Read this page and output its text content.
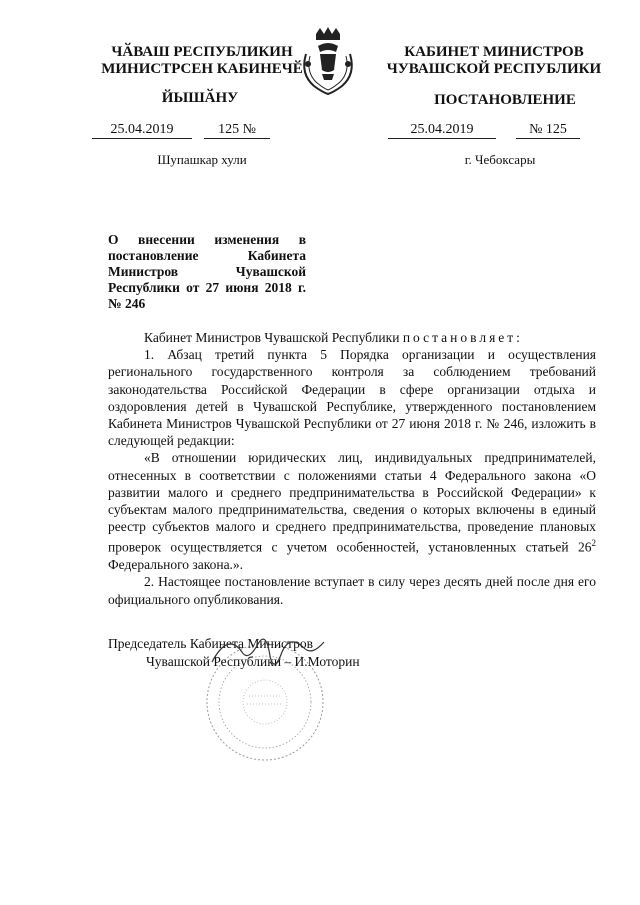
ЧӐВАШ РЕСПУБЛИКИН
МИНИСТРСЕН КАБИНЕЧӖ
КАБИНЕТ МИНИСТРОВ
ЧУВАШСКОЙ РЕСПУБЛИКИ
ЙЫШӐНУ	ПОСТАНОВЛЕНИЕ
25.04.2019	125 №
Шупашкар хули
25.04.2019	№ 125
г. Чебоксары
О внесении изменения в постановление Кабинета Министров Чувашской Республики от 27 июня 2018 г. № 246

Кабинет Министров Чувашской Республики постановляет:

1. Абзац третий пункта 5 Порядка организации и осуществления регионального государственного контроля за соблюдением требований законодательства Российской Федерации в сфере организации отдыха и оздоровления детей в Чувашской Республике, утвержденного постановлением Кабинета Министров Чувашской Республики от 27 июня 2018 г. № 246, изложить в следующей редакции:

«В отношении юридических лиц, индивидуальных предпринимателей, отнесенных в соответствии с положениями статьи 4 Федерального закона «О развитии малого и среднего предпринимательства в Российской Федерации» к субъектам малого предпринимательства, сведения о которых включены в единый реестр субъектов малого и среднего предпринимательства, проведение плановых проверок осуществляется с учетом особенностей, установленных статьей $26^2$ Федерального закона.».

2. Настоящее постановление вступает в силу через десять дней после дня его официального опубликования.

Председатель Кабинета Министров
Чувашской Республики – И.Моторин
